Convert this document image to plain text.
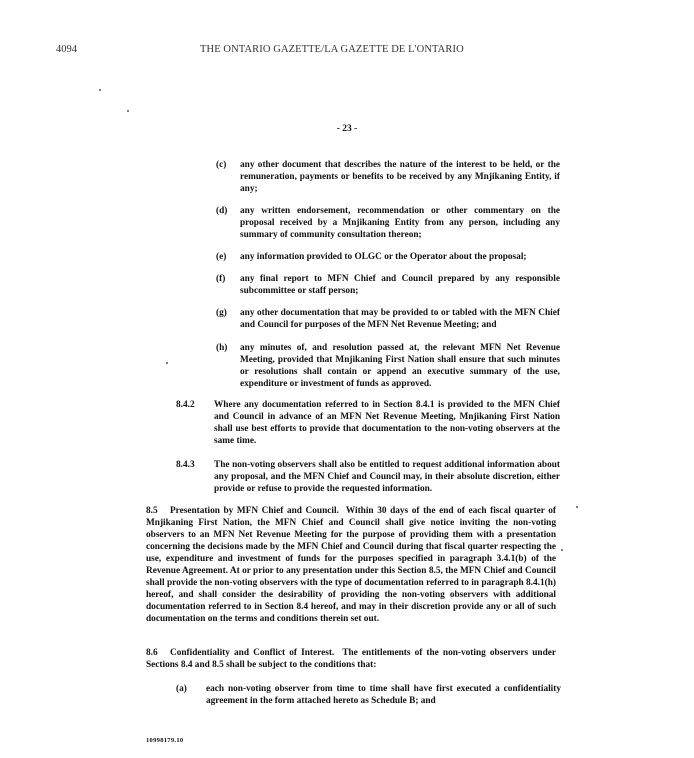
4094	THE ONTARIO GAZETTE/LA GAZETTE DE L'ONTARIO
- 23 -
(c) any other document that describes the nature of the interest to be held, or the remuneration, payments or benefits to be received by any Mnjikaning Entity, if any;
(d) any written endorsement, recommendation or other commentary on the proposal received by a Mnjikaning Entity from any person, including any summary of community consultation thereon;
(e) any information provided to OLGC or the Operator about the proposal;
(f) any final report to MFN Chief and Council prepared by any responsible subcommittee or staff person;
(g) any other documentation that may be provided to or tabled with the MFN Chief and Council for purposes of the MFN Net Revenue Meeting; and
(h) any minutes of, and resolution passed at, the relevant MFN Net Revenue Meeting, provided that Mnjikaning First Nation shall ensure that such minutes or resolutions shall contain or append an executive summary of the use, expenditure or investment of funds as approved.
8.4.2 Where any documentation referred to in Section 8.4.1 is provided to the MFN Chief and Council in advance of an MFN Net Revenue Meeting, Mnjikaning First Nation shall use best efforts to provide that documentation to the non-voting observers at the same time.
8.4.3 The non-voting observers shall also be entitled to request additional information about any proposal, and the MFN Chief and Council may, in their absolute discretion, either provide or refuse to provide the requested information.
8.5 Presentation by MFN Chief and Council. Within 30 days of the end of each fiscal quarter of Mnjikaning First Nation, the MFN Chief and Council shall give notice inviting the non-voting observers to an MFN Net Revenue Meeting for the purpose of providing them with a presentation concerning the decisions made by the MFN Chief and Council during that fiscal quarter respecting the use, expenditure and investment of funds for the purposes specified in paragraph 3.4.1(b) of the Revenue Agreement. At or prior to any presentation under this Section 8.5, the MFN Chief and Council shall provide the non-voting observers with the type of documentation referred to in paragraph 8.4.1(h) hereof, and shall consider the desirability of providing the non-voting observers with additional documentation referred to in Section 8.4 hereof, and may in their discretion provide any or all of such documentation on the terms and conditions therein set out.
8.6 Confidentiality and Conflict of Interest. The entitlements of the non-voting observers under Sections 8.4 and 8.5 shall be subject to the conditions that:
(a) each non-voting observer from time to time shall have first executed a confidentiality agreement in the form attached hereto as Schedule B; and
10998179.10
